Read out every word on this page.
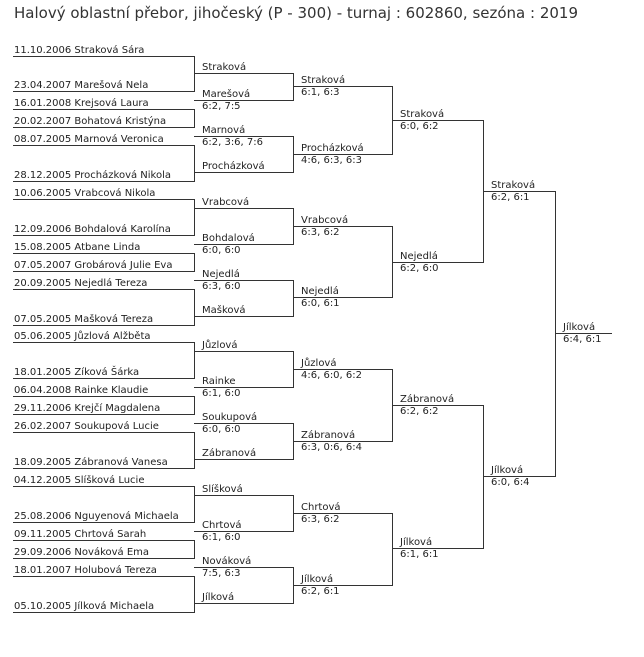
Halový oblastní přebor, jihočeský (P - 300) - turnaj : 602860, sezóna : 2019
11.10.2006 Straková Sára
23.04.2007 Marešová Nela
16.01.2008 Krejsová Laura
20.02.2007 Bohatová Kristýna
08.07.2005 Marnová Veronica
28.12.2005 Procházková Nikola
10.06.2005 Vrabcová Nikola
12.09.2006 Bohdalová Karolína
15.08.2005 Atbane Linda
07.05.2007 Grobárová Julie Eva
20.09.2005 Nejedlá Tereza
07.05.2005 Mašková Tereza
05.06.2005 Jůzlová Alžběta
18.01.2005 Zíková Šárka
06.04.2008 Rainke Klaudie
29.11.2006 Krejčí Magdalena
26.02.2007 Soukupová Lucie
18.09.2005 Zábranová Vanesa
04.12.2005 Slíšková Lucie
25.08.2006 Nguyenová Michaela
09.11.2005 Chrtová Sarah
29.09.2006 Nováková Ema
18.01.2007 Holubová Tereza
05.10.2005 Jílková Michaela
Straková
Marešová
6:2, 7:5
Marnová
6:2, 3:6, 7:6
Procházková
Vrabcová
Bohdalová
6:0, 6:0
Nejedlá
6:3, 6:0
Mašková
Jůzlová
Rainke
6:1, 6:0
Soukupová
6:0, 6:0
Zábranová
Slíšková
Chrtová
6:1, 6:0
Nováková
7:5, 6:3
Jílková
Straková
6:1, 6:3
Procházková
4:6, 6:3, 6:3
Vrabcová
6:3, 6:2
Nejedlá
6:0, 6:1
Jůzlová
4:6, 6:0, 6:2
Zábranová
6:3, 0:6, 6:4
Chrtová
6:3, 6:2
Jílková
6:2, 6:1
Straková
6:0, 6:2
Nejedlá
6:2, 6:0
Zábranová
6:2, 6:2
Jílková
6:1, 6:1
Straková
6:2, 6:1
Jílková
6:0, 6:4
Jílková
6:4, 6:1
